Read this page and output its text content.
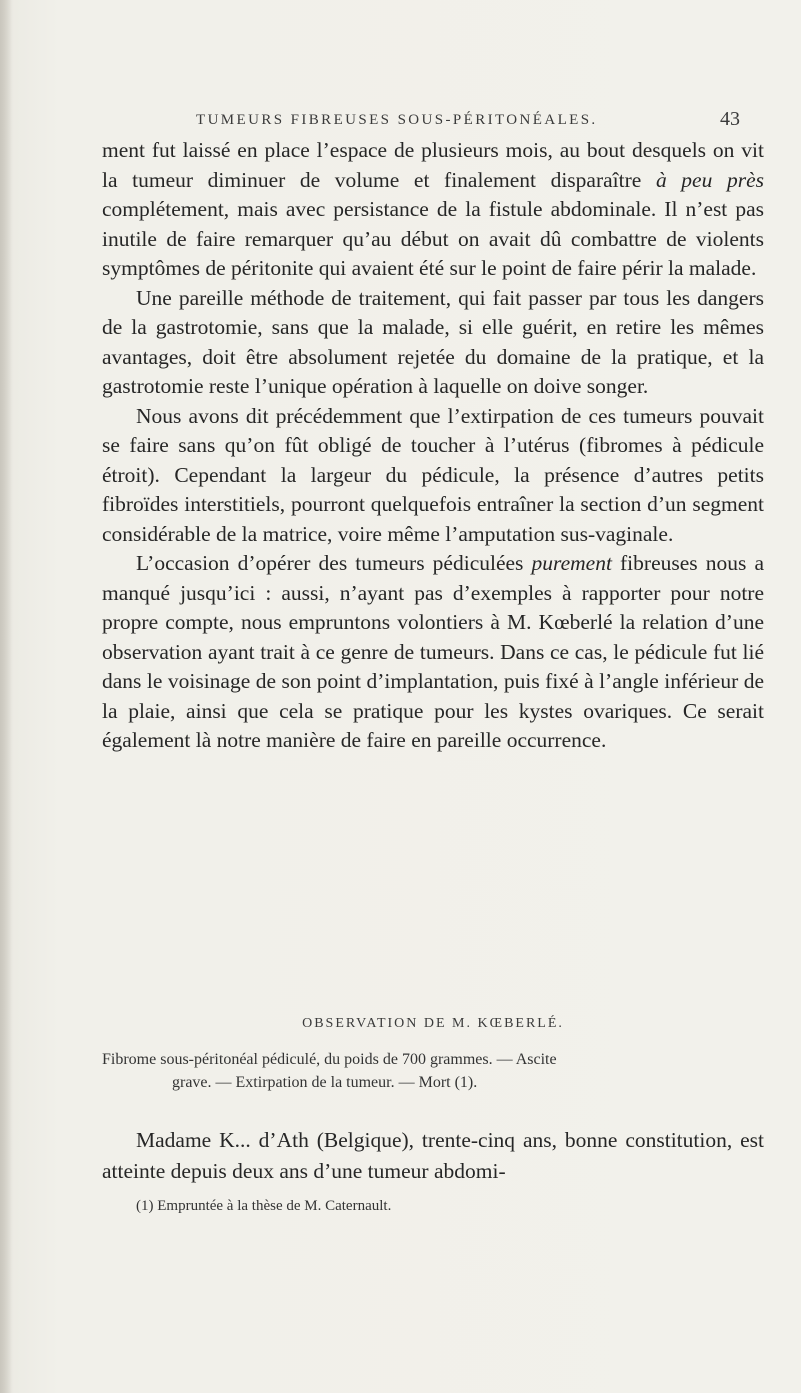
TUMEURS FIBREUSES SOUS-PÉRITONÉALES.	43

ment fut laissé en place l’espace de plusieurs mois, au bout desquels on vit la tumeur diminuer de volume et finalement disparaître à peu près complétement, mais avec persistance de la fistule abdominale. Il n’est pas inutile de faire remarquer qu’au début on avait dû combattre de violents symptômes de péritonite qui avaient été sur le point de faire périr la malade.

Une pareille méthode de traitement, qui fait passer par tous les dangers de la gastrotomie, sans que la malade, si elle guérit, en retire les mêmes avantages, doit être absolument rejetée du domaine de la pratique, et la gastrotomie reste l’unique opération à laquelle on doive songer.

Nous avons dit précédemment que l’extirpation de ces tumeurs pouvait se faire sans qu’on fût obligé de toucher à l’utérus (fibromes à pédicule étroit). Cependant la largeur du pédicule, la présence d’autres petits fibroïdes interstitiels, pourront quelquefois entraîner la section d’un segment considérable de la matrice, voire même l’amputation sus-vaginale.

L’occasion d’opérer des tumeurs pédiculées purement fibreuses nous a manqué jusqu’ici : aussi, n’ayant pas d’exemples à rapporter pour notre propre compte, nous empruntons volontiers à M. Kœberlé la relation d’une observation ayant trait à ce genre de tumeurs. Dans ce cas, le pédicule fut lié dans le voisinage de son point d’implantation, puis fixé à l’angle inférieur de la plaie, ainsi que cela se pratique pour les kystes ovariques. Ce serait également là notre manière de faire en pareille occurrence.

OBSERVATION DE M. KŒBERLÉ.
Fibrome sous-péritonéal pédiculé, du poids de 700 grammes. — Ascite
grave. — Extirpation de la tumeur. — Mort (1).

Madame K... d’Ath (Belgique), trente-cinq ans, bonne constitution, est atteinte depuis deux ans d’une tumeur abdomi-

(1) Empruntée à la thèse de M. Caternault.
